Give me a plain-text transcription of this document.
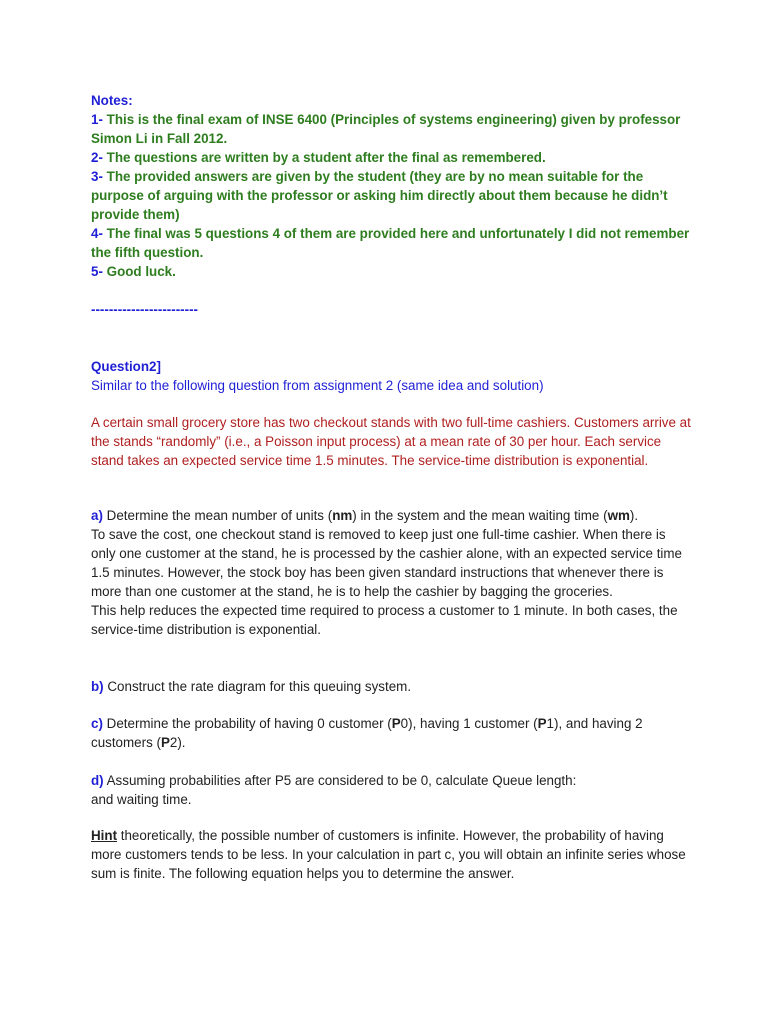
Notes:

1- This is the final exam of INSE 6400 (Principles of systems engineering) given by professor Simon Li in Fall 2012.

2- The questions are written by a student after the final as remembered.

3- The provided answers are given by the student (they are by no mean suitable for the purpose of arguing with the professor or asking him directly about them because he didn’t provide them)

4- The final was 5 questions 4 of them are provided here and unfortunately I did not remember the fifth question.

5- Good luck.

------------------------

Question2]

Similar to the following question from assignment 2 (same idea and solution)

A certain small grocery store has two checkout stands with two full-time cashiers. Customers arrive at the stands “randomly” (i.e., a Poisson input process) at a mean rate of 30 per hour. Each service stand takes an expected service time 1.5 minutes. The service-time distribution is exponential.

a) Determine the mean number of units (nm) in the system and the mean waiting time (wm).

To save the cost, one checkout stand is removed to keep just one full-time cashier. When there is only one customer at the stand, he is processed by the cashier alone, with an expected service time 1.5 minutes. However, the stock boy has been given standard instructions that whenever there is more than one customer at the stand, he is to help the cashier by bagging the groceries.

This help reduces the expected time required to process a customer to 1 minute. In both cases, the service-time distribution is exponential.

b) Construct the rate diagram for this queuing system.
c) Determine the probability of having 0 customer (P0), having 1 customer (P1), and having 2 customers (P2).

d) Assuming probabilities after P5 are considered to be 0, calculate Queue length:

and waiting time.

Hint theoretically, the possible number of customers is infinite. However, the probability of having more customers tends to be less. In your calculation in part c, you will obtain an infinite series whose sum is finite. The following equation helps you to determine the answer.
